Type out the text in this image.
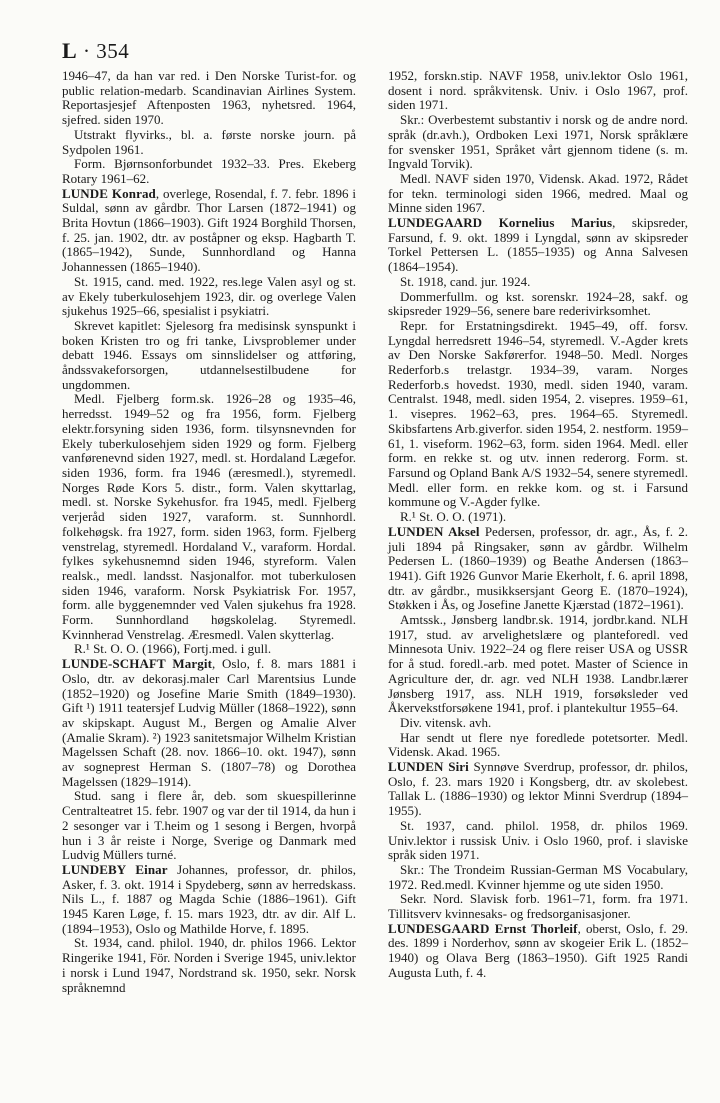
L · 354

1946–47, da han var red. i Den Norske Turist-for. og public relation-medarb. Scandinavian Airlines System. Reportasjesjef Aftenposten 1963, nyhetsred. 1964, sjefred. siden 1970.

Utstrakt flyvirks., bl. a. første norske journ. på Sydpolen 1961.

Form. Bjørnsonforbundet 1932–33. Pres. Ekeberg Rotary 1961–62.

LUNDE Konrad, overlege, Rosendal, f. 7. febr. 1896 i Suldal, sønn av gårdbr. Thor Larsen (1872–1941) og Brita Hovtun (1866–1903). Gift 1924 Borghild Thorsen, f. 25. jan. 1902, dtr. av poståpner og eksp. Hagbarth T. (1865–1942), Sunde, Sunnhordland og Hanna Johannessen (1865–1940).

St. 1915, cand. med. 1922, res.lege Valen asyl og st. av Ekely tuberkulosehjem 1923, dir. og overlege Valen sjukehus 1925–66, spesialist i psykiatri.

Skrevet kapitlet: Sjelesorg fra medisinsk synspunkt i boken Kristen tro og fri tanke, Livsproblemer under debatt 1946. Essays om sinnslidelser og attføring, åndssvakeforsorgen, utdannelsestilbudene for ungdommen.

Medl. Fjelberg form.sk. 1926–28 og 1935–46, herredsst. 1949–52 og fra 1956, form. Fjelberg elektr.forsyning siden 1936, form. tilsynsnevnden for Ekely tuberkulosehjem siden 1929 og form. Fjelberg vanførenevnd siden 1927, medl. st. Hordaland Lægefor. siden 1936, form. fra 1946 (æresmedl.), styremedl. Norges Røde Kors 5. distr., form. Valen skyttarlag, medl. st. Norske Sykehusfor. fra 1945, medl. Fjelberg verjeråd siden 1927, varaform. st. Sunnhordl. folkehøgsk. fra 1927, form. siden 1963, form. Fjelberg venstrelag, styremedl. Hordaland V., varaform. Hordal. fylkes sykehusnemnd siden 1946, styreform. Valen realsk., medl. landsst. Nasjonalfor. mot tuberkulosen siden 1946, varaform. Norsk Psykiatrisk For. 1957, form. alle byggenemnder ved Valen sjukehus fra 1928. Form. Sunnhordland høgskolelag. Styremedl. Kvinnherad Venstrelag. Æresmedl. Valen skytterlag.

R.¹ St. O. O. (1966), Fortj.med. i gull.

LUNDE-SCHAFT Margit, Oslo, f. 8. mars 1881 i Oslo, dtr. av dekorasj.maler Carl Marentsius Lunde (1852–1920) og Josefine Marie Smith (1849–1930). Gift ¹) 1911 teatersjef Ludvig Müller (1868–1922), sønn av skipskapt. August M., Bergen og Amalie Alver (Amalie Skram). ²) 1923 sanitetsmajor Wilhelm Kristian Magelssen Schaft (28. nov. 1866–10. okt. 1947), sønn av sogneprest Herman S. (1807–78) og Dorothea Magelssen (1829–1914).

Stud. sang i flere år, deb. som skuespillerinne Centralteatret 15. febr. 1907 og var der til 1914, da hun i 2 sesonger var i T.heim og 1 sesong i Bergen, hvorpå hun i 3 år reiste i Norge, Sverige og Danmark med Ludvig Müllers turné.

LUNDEBY Einar Johannes, professor, dr. philos, Asker, f. 3. okt. 1914 i Spydeberg, sønn av herredskass. Nils L., f. 1887 og Magda Schie (1886–1961). Gift 1945 Karen Løge, f. 15. mars 1923, dtr. av dir. Alf L. (1894–1953), Oslo og Mathilde Horve, f. 1895.

St. 1934, cand. philol. 1940, dr. philos 1966. Lektor Ringerike 1941, För. Norden i Sverige 1945, univ.lektor i norsk i Lund 1947, Nordstrand sk. 1950, sekr. Norsk språknemnd

1952, forskn.stip. NAVF 1958, univ.lektor Oslo 1961, dosent i nord. språkvitensk. Univ. i Oslo 1967, prof. siden 1971.

Skr.: Overbestemt substantiv i norsk og de andre nord. språk (dr.avh.), Ordboken Lexi 1971, Norsk språklære for svensker 1951, Språket vårt gjennom tidene (s. m. Ingvald Torvik).

Medl. NAVF siden 1970, Vidensk. Akad. 1972, Rådet for tekn. terminologi siden 1966, medred. Maal og Minne siden 1967.

LUNDEGAARD Kornelius Marius, skipsreder, Farsund, f. 9. okt. 1899 i Lyngdal, sønn av skipsreder Torkel Pettersen L. (1855–1935) og Anna Salvesen (1864–1954).

St. 1918, cand. jur. 1924.

Dommerfullm. og kst. sorenskr. 1924–28, sakf. og skipsreder 1929–56, senere bare rederivirksomhet.

Repr. for Erstatningsdirekt. 1945–49, off. forsv. Lyngdal herredsrett 1946–54, styremedl. V.-Agder krets av Den Norske Sakførerfor. 1948–50. Medl. Norges Rederforb.s trelastgr. 1934–39, varam. Norges Rederforb.s hovedst. 1930, medl. siden 1940, varam. Centralst. 1948, medl. siden 1954, 2. visepres. 1959–61, 1. visepres. 1962–63, pres. 1964–65. Styremedl. Skibsfartens Arb.giverfor. siden 1954, 2. nestform. 1959–61, 1. viseform. 1962–63, form. siden 1964. Medl. eller form. en rekke st. og utv. innen rederorg. Form. st. Farsund og Opland Bank A/S 1932–54, senere styremedl. Medl. eller form. en rekke kom. og st. i Farsund kommune og V.-Agder fylke.

R.¹ St. O. O. (1971).

LUNDEN Aksel Pedersen, professor, dr. agr., Ås, f. 2. juli 1894 på Ringsaker, sønn av gårdbr. Wilhelm Pedersen L. (1860–1939) og Beathe Andersen (1863–1941). Gift 1926 Gunvor Marie Ekerholt, f. 6. april 1898, dtr. av gårdbr., musikksersjant Georg E. (1870–1924), Støkken i Ås, og Josefine Janette Kjærstad (1872–1961).

Amtssk., Jønsberg landbr.sk. 1914, jordbr.kand. NLH 1917, stud. av arvelighetslære og planteforedl. ved Minnesota Univ. 1922–24 og flere reiser USA og USSR for å stud. foredl.-arb. med potet. Master of Science in Agriculture der, dr. agr. ved NLH 1938. Landbr.lærer Jønsberg 1917, ass. NLH 1919, forsøksleder ved Åkervekstforsøkene 1941, prof. i plantekultur 1955–64.

Div. vitensk. avh.

Har sendt ut flere nye foredlede potetsorter. Medl. Vidensk. Akad. 1965.

LUNDEN Siri Synnøve Sverdrup, professor, dr. philos, Oslo, f. 23. mars 1920 i Kongsberg, dtr. av skolebest. Tallak L. (1886–1930) og lektor Minni Sverdrup (1894–1955).

St. 1937, cand. philol. 1958, dr. philos 1969. Univ.lektor i russisk Univ. i Oslo 1960, prof. i slaviske språk siden 1971.

Skr.: The Trondeim Russian-German MS Vocabulary, 1972. Red.medl. Kvinner hjemme og ute siden 1950.

Sekr. Nord. Slavisk forb. 1961–71, form. fra 1971. Tillitsverv kvinnesaks- og fredsorganisasjoner.

LUNDESGAARD Ernst Thorleif, oberst, Oslo, f. 29. des. 1899 i Norderhov, sønn av skogeier Erik L. (1852–1940) og Olava Berg (1863–1950). Gift 1925 Randi Augusta Luth, f. 4.
